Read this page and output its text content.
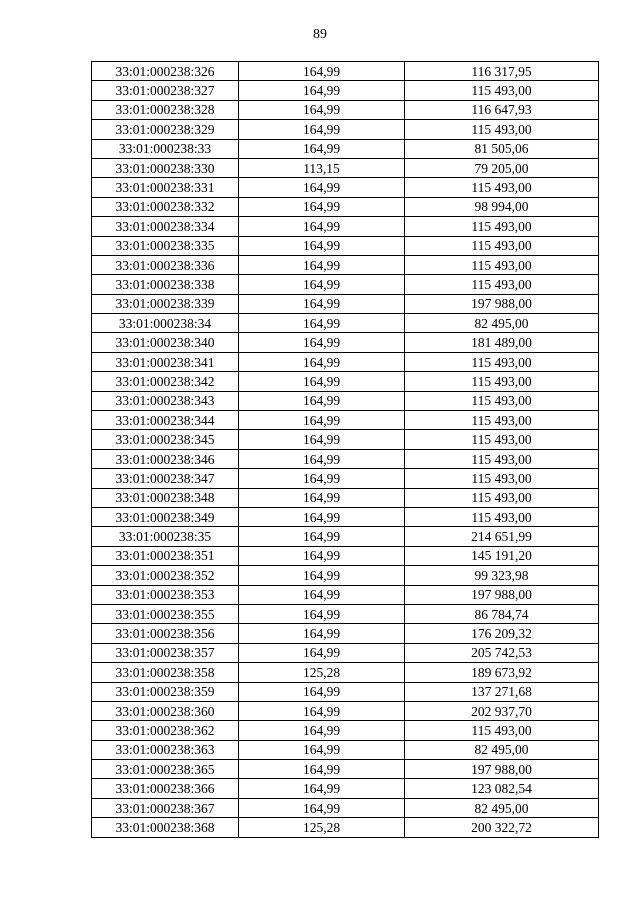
89
33:01:000238:326	164,99	116 317,95
33:01:000238:327	164,99	115 493,00
33:01:000238:328	164,99	116 647,93
33:01:000238:329	164,99	115 493,00
33:01:000238:33	164,99	81 505,06
33:01:000238:330	113,15	79 205,00
33:01:000238:331	164,99	115 493,00
33:01:000238:332	164,99	98 994,00
33:01:000238:334	164,99	115 493,00
33:01:000238:335	164,99	115 493,00
33:01:000238:336	164,99	115 493,00
33:01:000238:338	164,99	115 493,00
33:01:000238:339	164,99	197 988,00
33:01:000238:34	164,99	82 495,00
33:01:000238:340	164,99	181 489,00
33:01:000238:341	164,99	115 493,00
33:01:000238:342	164,99	115 493,00
33:01:000238:343	164,99	115 493,00
33:01:000238:344	164,99	115 493,00
33:01:000238:345	164,99	115 493,00
33:01:000238:346	164,99	115 493,00
33:01:000238:347	164,99	115 493,00
33:01:000238:348	164,99	115 493,00
33:01:000238:349	164,99	115 493,00
33:01:000238:35	164,99	214 651,99
33:01:000238:351	164,99	145 191,20
33:01:000238:352	164,99	99 323,98
33:01:000238:353	164,99	197 988,00
33:01:000238:355	164,99	86 784,74
33:01:000238:356	164,99	176 209,32
33:01:000238:357	164,99	205 742,53
33:01:000238:358	125,28	189 673,92
33:01:000238:359	164,99	137 271,68
33:01:000238:360	164,99	202 937,70
33:01:000238:362	164,99	115 493,00
33:01:000238:363	164,99	82 495,00
33:01:000238:365	164,99	197 988,00
33:01:000238:366	164,99	123 082,54
33:01:000238:367	164,99	82 495,00
33:01:000238:368	125,28	200 322,72
